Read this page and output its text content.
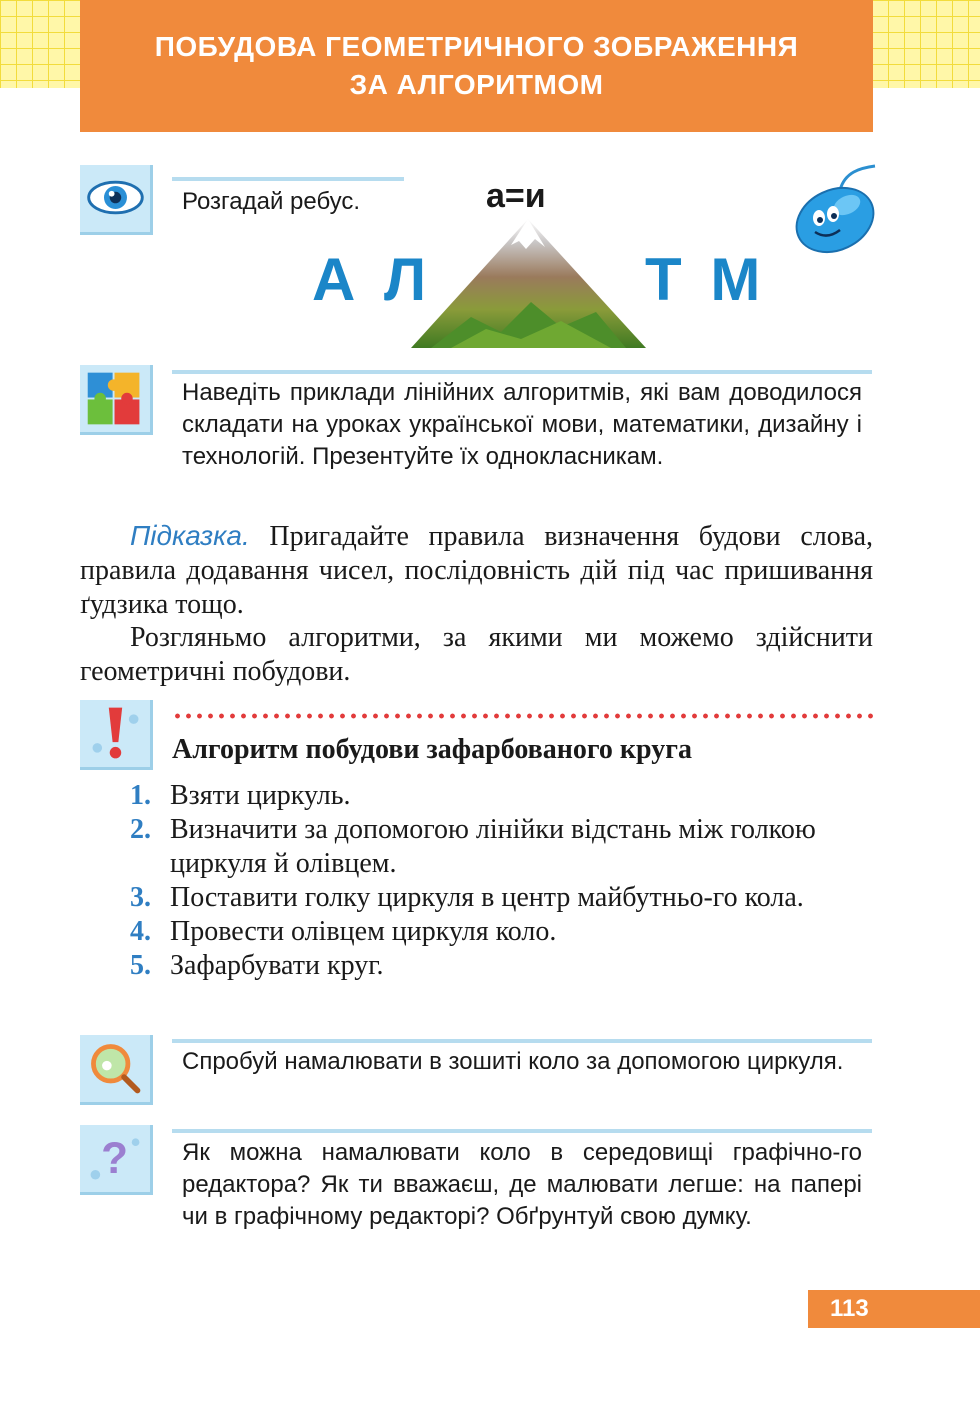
ПОБУДОВА ГЕОМЕТРИЧНОГО ЗОБРАЖЕННЯ
ЗА АЛГОРИТМОМ
Розгадай ребус.	а=и
А Л	Т М
Наведіть приклади лінійних алгоритмів, які вам доводилося складати на уроках української мови, математики, дизайну і технологій. Презентуйте їх однокласникам.
Підказка. Пригадайте правила визначення будови слова, правила додавання чисел, послідовність дій під час пришивання ґудзика тощо.
Розгляньмо алгоритми, за якими ми можемо здійснити геометричні побудови.
Алгоритм побудови зафарбованого круга
1. Взяти циркуль.
2. Визначити за допомогою лінійки відстань між голкою циркуля й олівцем.
3. Поставити голку циркуля в центр майбутньо-го кола.
4. Провести олівцем циркуля коло.
5. Зафарбувати круг.
Спробуй намалювати в зошиті коло за допомогою циркуля.
? Як можна намалювати коло в середовищі графічно-го редактора? Як ти вважаєш, де малювати легше: на папері чи в графічному редакторі? Обґрунтуй свою думку.
113
